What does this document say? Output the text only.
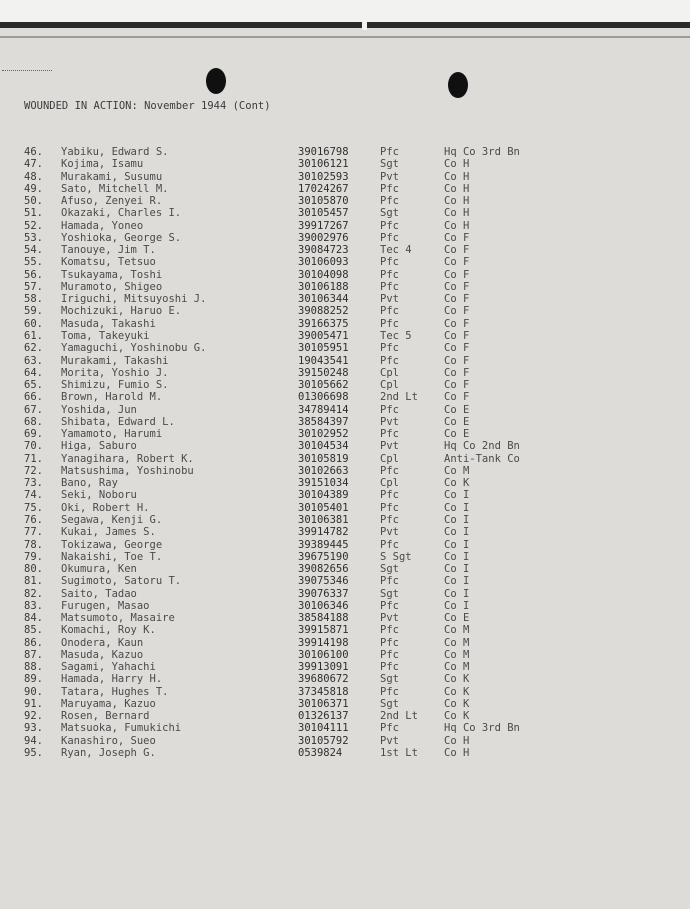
WOUNDED IN ACTION: November 1944 (Cont)
46. Yabiku, Edward S.	39016798	Pfc	Hq Co 3rd Bn
47. Kojima, Isamu	30106121	Sgt	Co H
48. Murakami, Susumu	30102593	Pvt	Co H
49. Sato, Mitchell M.	17024267	Pfc	Co H
50. Afuso, Zenyei R.	30105870	Pfc	Co H
51. Okazaki, Charles I.	30105457	Sgt	Co H
52. Hamada, Yoneo	39917267	Pfc	Co H
53. Yoshioka, George S.	39002976	Pfc	Co F
54. Tanouye, Jim T.	39084723	Tec 4	Co F
55. Komatsu, Tetsuo	30106093	Pfc	Co F
56. Tsukayama, Toshi	30104098	Pfc	Co F
57. Muramoto, Shigeo	30106188	Pfc	Co F
58. Iriguchi, Mitsuyoshi J.	30106344	Pvt	Co F
59. Mochizuki, Haruo E.	39088252	Pfc	Co F
60. Masuda, Takashi	39166375	Pfc	Co F
61. Toma, Takeyuki	39005471	Tec 5	Co F
62. Yamaguchi, Yoshinobu G.	30105951	Pfc	Co F
63. Murakami, Takashi	19043541	Pfc	Co F
64. Morita, Yoshio J.	39150248	Cpl	Co F
65. Shimizu, Fumio S.	30105662	Cpl	Co F
66. Brown, Harold M.	01306698	2nd Lt Co F
67. Yoshida, Jun	34789414	Pfc	Co E
68. Shibata, Edward L.	38584397	Pvt	Co E
69. Yamamoto, Harumi	30102952	Pfc	Co E
70. Higa, Saburo	30104534	Pvt	Hq Co 2nd Bn
71. Yanagihara, Robert K.	30105819	Cpl	Anti-Tank Co
72. Matsushima, Yoshinobu	30102663	Pfc	Co M
73. Bano, Ray	39151034	Cpl	Co K
74. Seki, Noboru	30104389	Pfc	Co I
75. Oki, Robert H.	30105401	Pfc	Co I
76. Segawa, Kenji G.	30106381	Pfc	Co I
77. Kukai, James S.	39914782	Pvt	Co I
78. Tokizawa, George	39389445	Pfc	Co I
79. Nakaishi, Toe T.	39675190	S Sgt	Co I
80. Okumura, Ken	39082656	Sgt	Co I
81. Sugimoto, Satoru T.	39075346	Pfc	Co I
82. Saito, Tadao	39076337	Sgt	Co I
83. Furugen, Masao	30106346	Pfc	Co I
84. Matsumoto, Masaire	38584188	Pvt	Co E
85. Komachi, Roy K.	39915871	Pfc	Co M
86. Onodera, Kaun	39914198	Pfc	Co M
87. Masuda, Kazuo	30106100	Pfc	Co M
88. Sagami, Yahachi	39913091	Pfc	Co M
89. Hamada, Harry H.	39680672	Sgt	Co K
90. Tatara, Hughes T.	37345818	Pfc	Co K
91. Maruyama, Kazuo	30106371	Sgt	Co K
92. Rosen, Bernard	01326137	2nd Lt Co K
93. Matsuoka, Fumukichi	30104111	Pfc	Hq Co 3rd Bn
94. Kanashiro, Sueo	30105792	Pvt	Co H
95. Ryan, Joseph G.	0539824	1st Lt Co H
